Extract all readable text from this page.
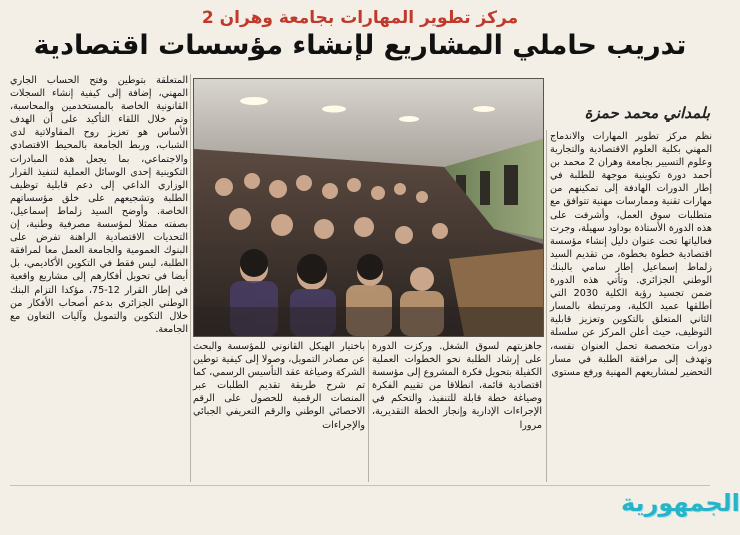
مركز تطوير المهارات بجامعة وهران 2
تدريب حاملي المشاريع لإنشاء مؤسسات اقتصادية
بلمداني محمد حمزة
نظم مركز تطوير المهارات والاندماج المهني بكلية العلوم الاقتصادية والتجارية وعلوم التسيير بجامعة وهران 2 محمد بن أحمد دورة تكوينية موجهة للطلبة في إطار الدورات الهادفة إلى تمكينهم من مهارات تقنية وممارسات مهنية تتوافق مع متطلبات سوق العمل، وأشرفت على هذه الدورة الأستاذة بوداود سهيلة، وجرت فعالياتها تحت عنوان دليل إنشاء مؤسسة اقتصادية خطوة بخطوة، من تقديم السيد زلماط إسماعيل إطار سامي بالبنك الوطني الجزائري. وتأتي هذه الدورة ضمن تجسيد رؤية الكلية 2030 التي أطلقها عميد الكلية، ومرتبطة بالمسار الثاني المتعلق بالتكوين وتعزيز قابلية التوظيف، حيث أعلن المركز عن سلسلة دورات متخصصة تحمل العنوان نفسه، وتهدف إلى مرافقة الطلبة في مسار التحضير لمشاريعهم المهنية ورفع مستوى
جاهزيتهم لسوق الشغل. وركزت الدورة على إرشاد الطلبة نحو الخطوات العملية الكفيلة بتحويل فكرة المشروع إلى مؤسسة اقتصادية قائمة، انطلاقا من تقييم الفكرة وصياغة خطة قابلة للتنفيذ، والتحكم في الإجراءات الإدارية وإنجاز الخطة التقديرية، مرورا
باختيار الهيكل القانوني للمؤسسة والبحث عن مصادر التمويل، وصولا إلى كيفية توطين الشركة وصياغة عقد التأسيس الرسمي، كما تم شرح طريقة تقديم الطلبات عبر المنصات الرقمية للحصول على الرقم الاحصائي الوطني والرقم التعريفي الجبائي والإجراءات
المتعلقة بتوطين وفتح الحساب الجاري المهني، إضافة إلى كيفية إنشاء السجلات القانونية الخاصة بالمستخدمين والمحاسبة، وتم خلال اللقاء التأكيد على أن الهدف الأساس هو تعزيز روح المقاولاتية لدى الشباب، وربط الجامعة بالمحيط الاقتصادي والاجتماعي، بما يجعل هذه المبادرات التكوينية إحدى الوسائل العملية لتنفيذ القرار الوزاري الداعي إلى دعم قابلية توظيف الطلبة وتشجيعهم على خلق مؤسساتهم الخاصة. وأوضح السيد زلماط إسماعيل، بصفته ممثلا لمؤسسة مصرفية وطنية، إن التحديات الاقتصادية الراهنة تفرض على البنوك العمومية والجامعة العمل معا لمرافقة الطلبة، ليس فقط في التكوين الأكاديمي، بل أيضا في تحويل أفكارهم إلى مشاريع واقعية في إطار القرار 12-75، مؤكدا التزام البنك الوطني الجزائري بدعم أصحاب الأفكار من خلال التكوين والتمويل وآليات التعاون مع الجامعة.
الجمهورية
